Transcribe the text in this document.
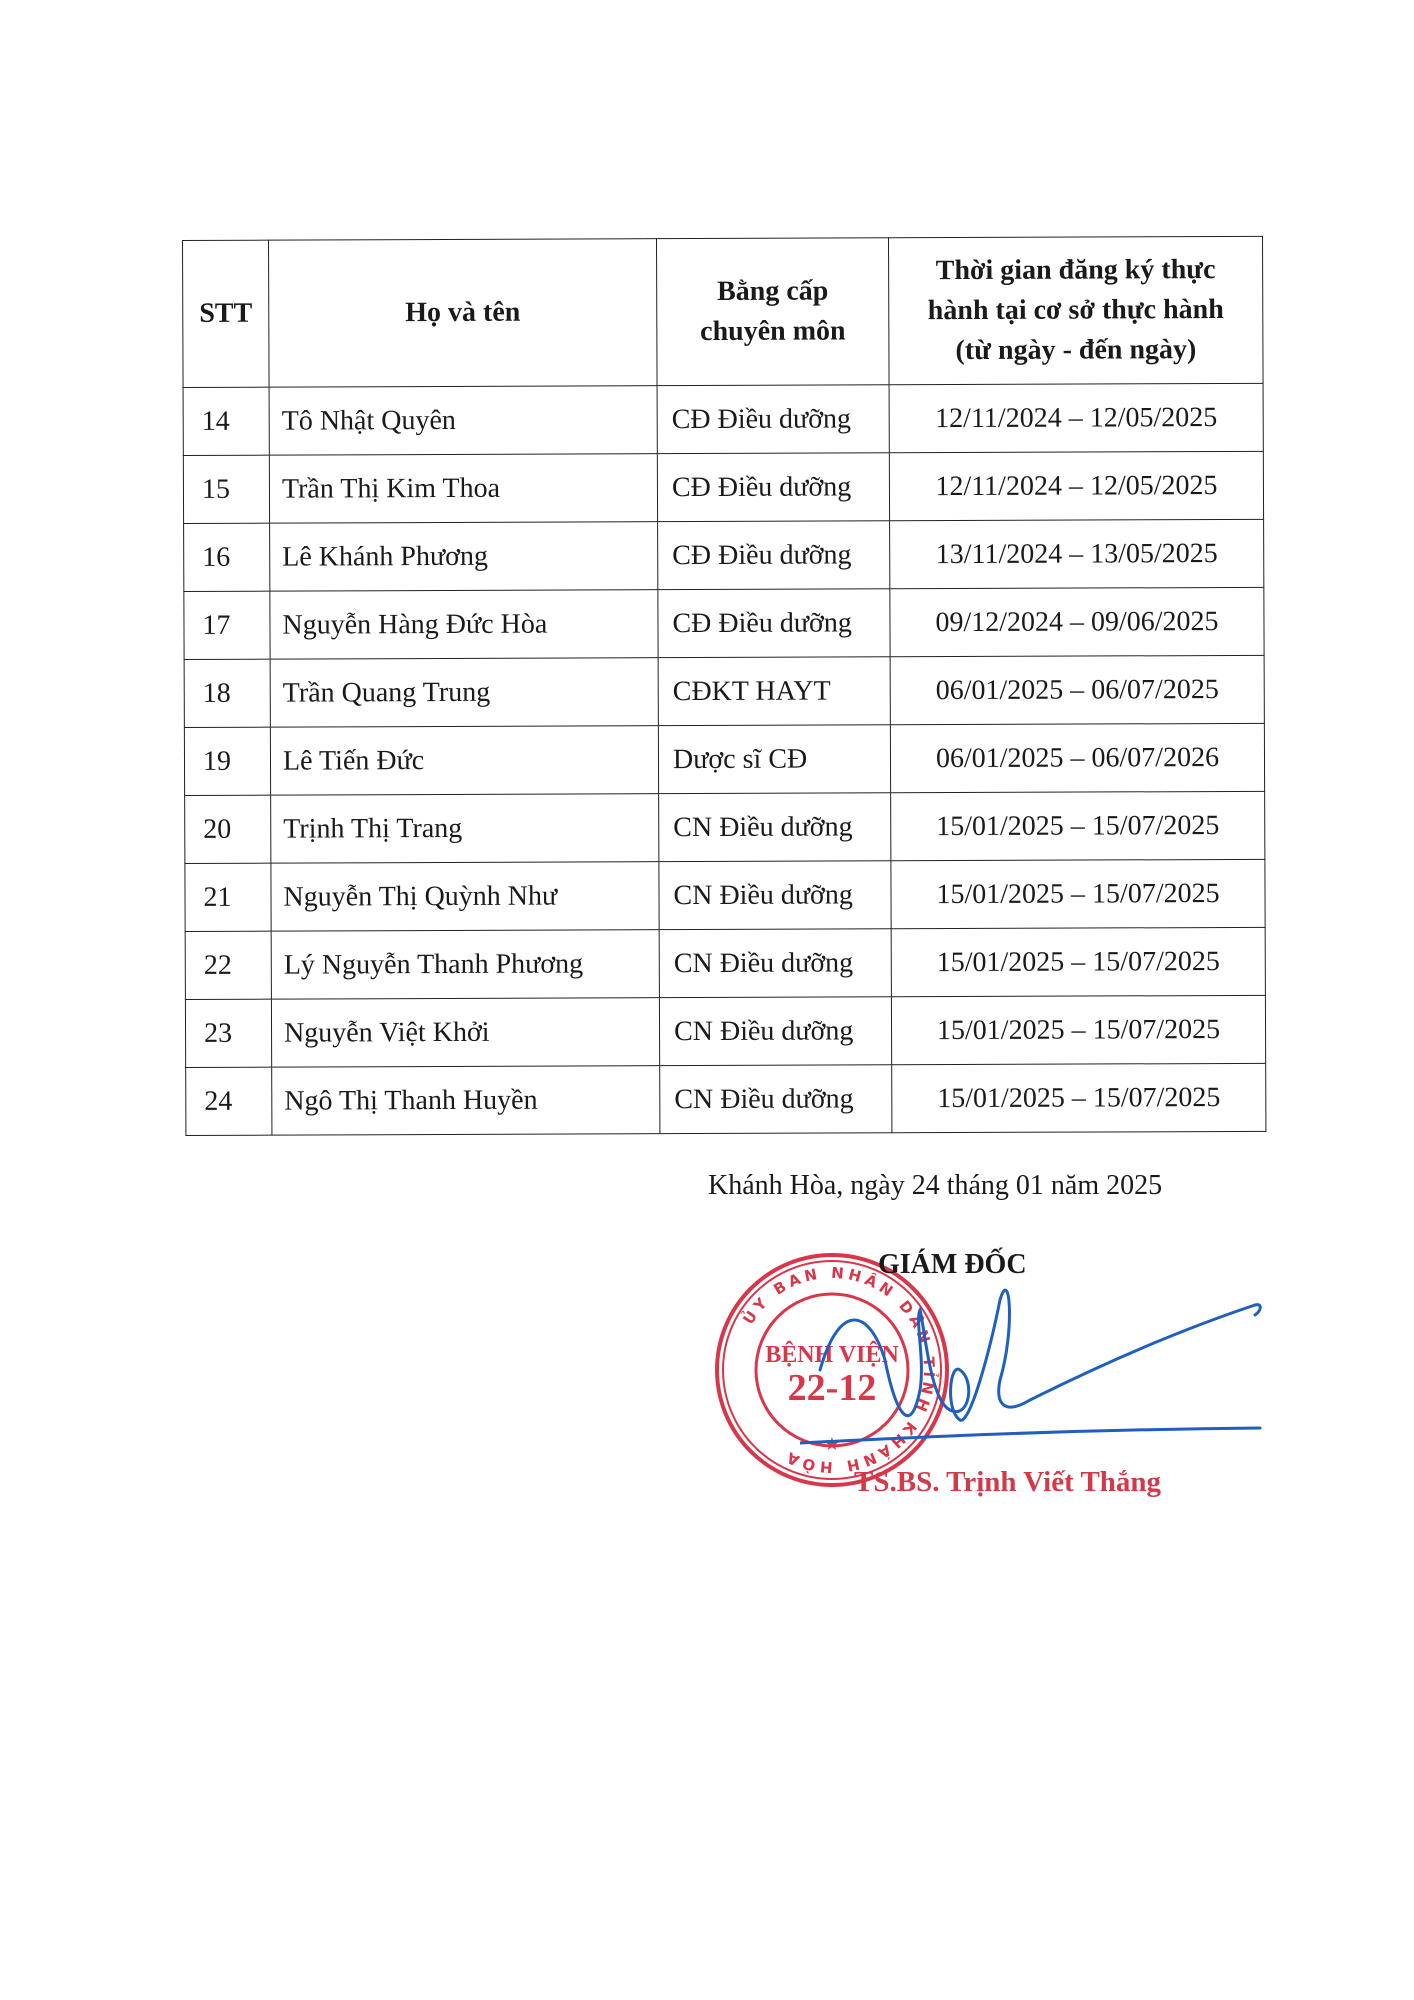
STT	Họ và tên	Bằng cấp chuyên môn	Thời gian đăng ký thực hành tại cơ sở thực hành (từ ngày - đến ngày)
14	Tô Nhật Quyên	CĐ Điều dưỡng	12/11/2024 – 12/05/2025
15	Trần Thị Kim Thoa	CĐ Điều dưỡng	12/11/2024 – 12/05/2025
16	Lê Khánh Phương	CĐ Điều dưỡng	13/11/2024 – 13/05/2025
17	Nguyễn Hàng Đức Hòa	CĐ Điều dưỡng	09/12/2024 – 09/06/2025
18	Trần Quang Trung	CĐKT HAYT	06/01/2025 – 06/07/2025
19	Lê Tiến Đức	Dược sĩ CĐ	06/01/2025 – 06/07/2026
20	Trịnh Thị Trang	CN Điều dưỡng	15/01/2025 – 15/07/2025
21	Nguyễn Thị Quỳnh Như	CN Điều dưỡng	15/01/2025 – 15/07/2025
22	Lý Nguyễn Thanh Phương	CN Điều dưỡng	15/01/2025 – 15/07/2025
23	Nguyễn Việt Khởi	CN Điều dưỡng	15/01/2025 – 15/07/2025
24	Ngô Thị Thanh Huyền	CN Điều dưỡng	15/01/2025 – 15/07/2025
Khánh Hòa, ngày 24 tháng 01 năm 2025
ỦY BAN NHÂN DÂN TỈNH KHÁNH HÒA
BỆNH VIỆN
22-12
★
GIÁM ĐỐC
TS.BS. Trịnh Viết Thắng
